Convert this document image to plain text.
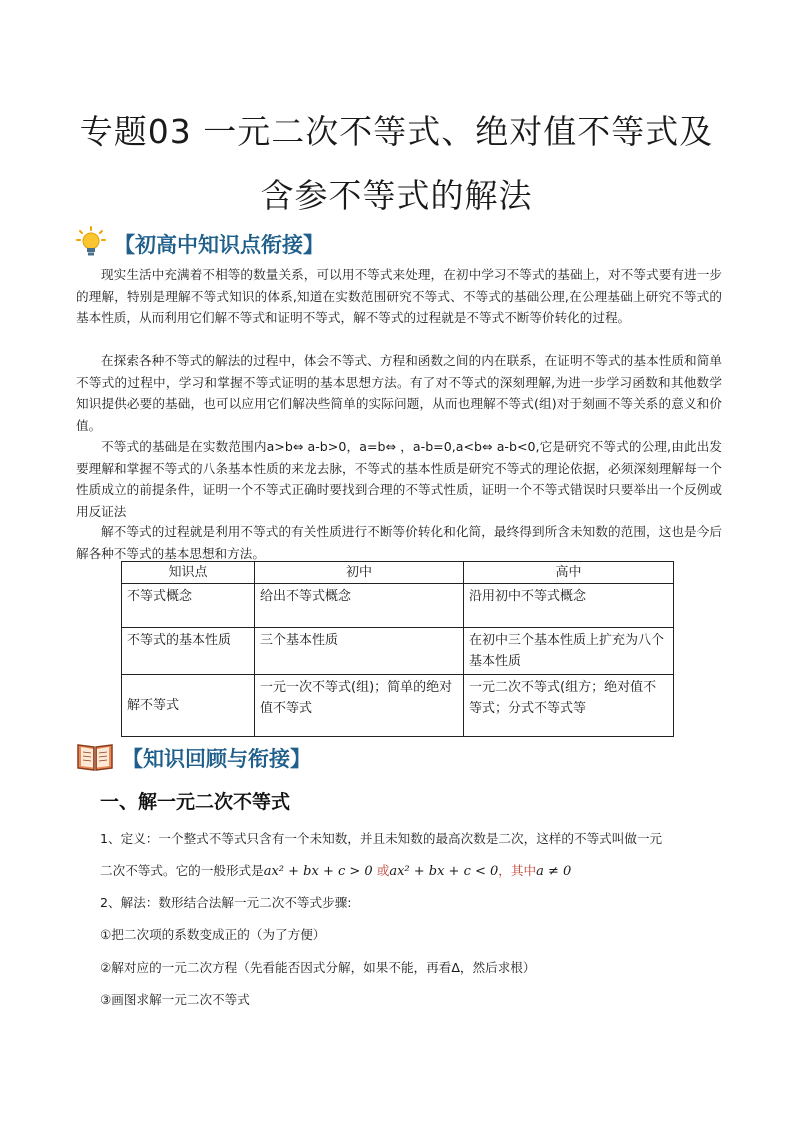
专题03 一元二次不等式、绝对值不等式及
含参不等式的解法
【初高中知识点衔接】
现实生活中充满着不相等的数量关系，可以用不等式来处理，在初中学习不等式的基础上，对不等式要有进一步的理解，特别是理解不等式知识的体系,知道在实数范围研究不等式、不等式的基础公理,在公理基础上研究不等式的基本性质，从而利用它们解不等式和证明不等式，解不等式的过程就是不等式不断等价转化的过程。
在探索各种不等式的解法的过程中，体会不等式、方程和函数之间的内在联系，在证明不等式的基本性质和简单不等式的过程中，学习和掌握不等式证明的基本思想方法。有了对不等式的深刻理解,为进一步学习函数和其他数学知识提供必要的基础，也可以应用它们解决些简单的实际问题，从而也理解不等式(组)对于刻画不等关系的意义和价值。
不等式的基础是在实数范围内a>b⇔ a-b>0，a=b⇔ ，a-b=0,a<b⇔ a-b<0,它是研究不等式的公理,由此出发要理解和掌握不等式的八条基本性质的来龙去脉，不等式的基本性质是研究不等式的理论依据，必须深刻理解每一个性质成立的前提条件，证明一个不等式正确时要找到合理的不等式性质，证明一个不等式错误时只要举出一个反例或用反证法
解不等式的过程就是利用不等式的有关性质进行不断等价转化和化简，最终得到所含未知数的范围，这也是今后解各种不等式的基本思想和方法。
知识点	初中	高中
不等式概念	给出不等式概念	沿用初中不等式概念
不等式的基本性质	三个基本性质	在初中三个基本性质上扩充为八个基本性质
解不等式	一元一次不等式(组)；简单的绝对值不等式	一元二次不等式(组方；绝对值不等式；分式不等式等
【知识回顾与衔接】
一、解一元二次不等式
1、定义：一个整式不等式只含有一个未知数，并且未知数的最高次数是二次，这样的不等式叫做一元
二次不等式。它的一般形式是ax² + bx + c > 0 或ax² + bx + c < 0，其中a ≠ 0
2、解法：数形结合法解一元二次不等式步骤:
①把二次项的系数变成正的（为了方便）
②解对应的一元二次方程（先看能否因式分解，如果不能，再看Δ，然后求根）
③画图求解一元二次不等式
